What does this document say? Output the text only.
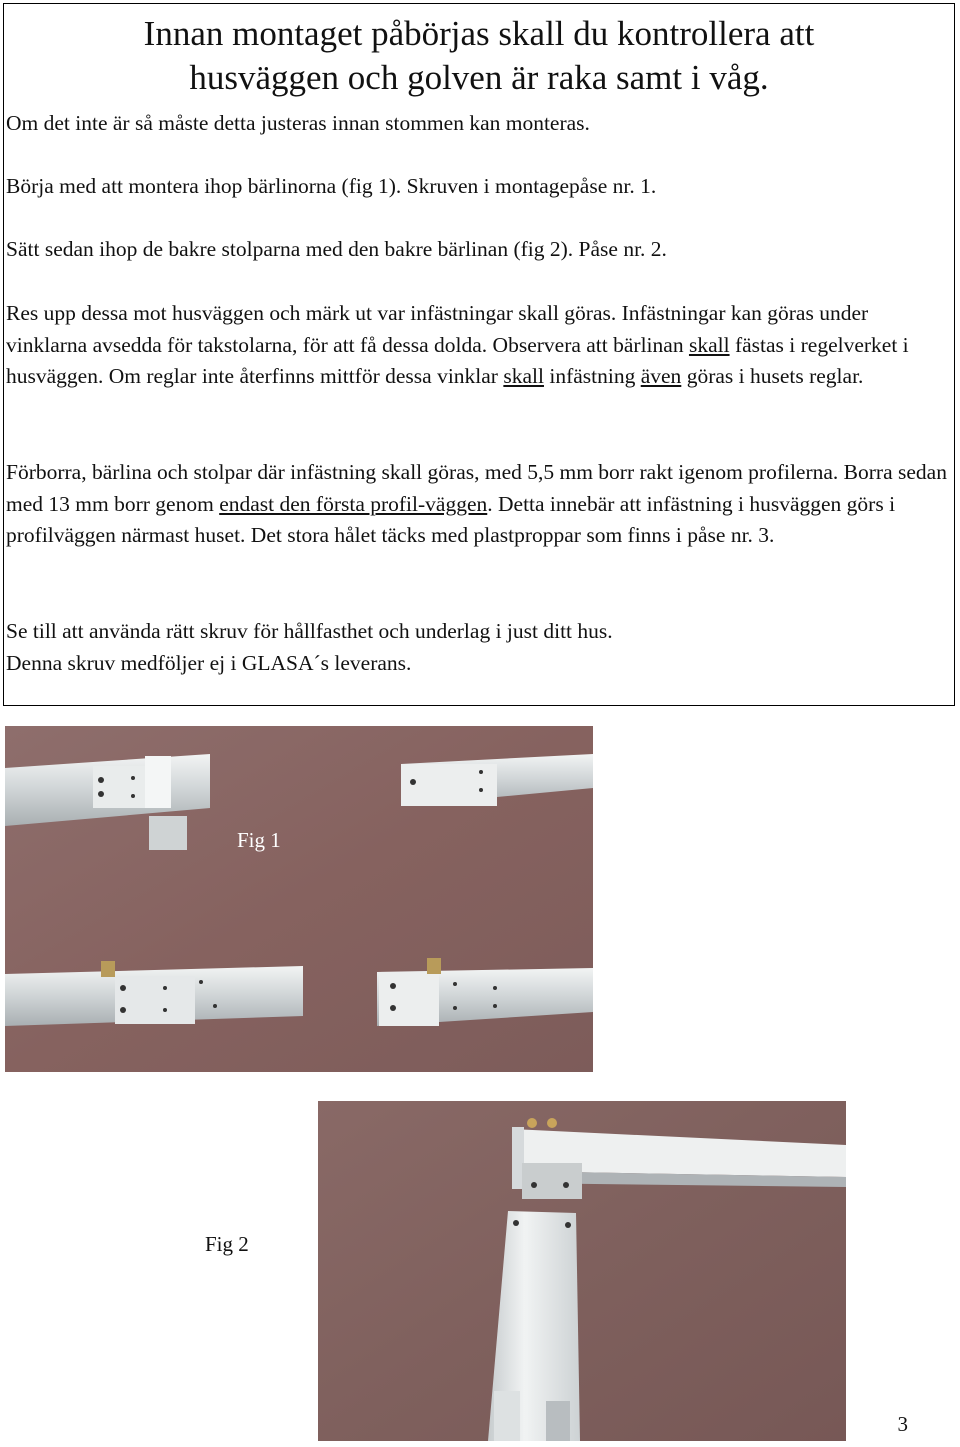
Innan montaget påbörjas skall du kontrollera att
husväggen och golven är raka samt i våg.

Om det inte är så måste detta justeras innan stommen kan monteras.

Börja med att montera ihop bärlinorna (fig 1). Skruven i montagepåse nr. 1.

Sätt sedan ihop de bakre stolparna med den bakre bärlinan (fig 2). Påse nr. 2.

Res upp dessa mot husväggen och märk ut var infästningar skall göras. Infästningar kan göras under vinklarna avsedda för takstolarna, för att få dessa dolda. Observera att bärlinan skall fästas i regelverket i husväggen. Om reglar inte återfinns mittför dessa vinklar skall infästning även göras i husets reglar.

Förborra, bärlina och stolpar där infästning skall göras, med 5,5 mm borr rakt igenom profilerna. Borra sedan med 13 mm borr genom endast den första profil-väggen. Detta innebär att infästning i husväggen görs i profilväggen närmast huset. Det stora hålet täcks med plastproppar som finns i påse nr. 3.

Se till att använda rätt skruv för hållfasthet och underlag i just ditt hus.
Denna skruv medföljer ej i GLASA´s leverans.

Fig 1
Fig 2
3
